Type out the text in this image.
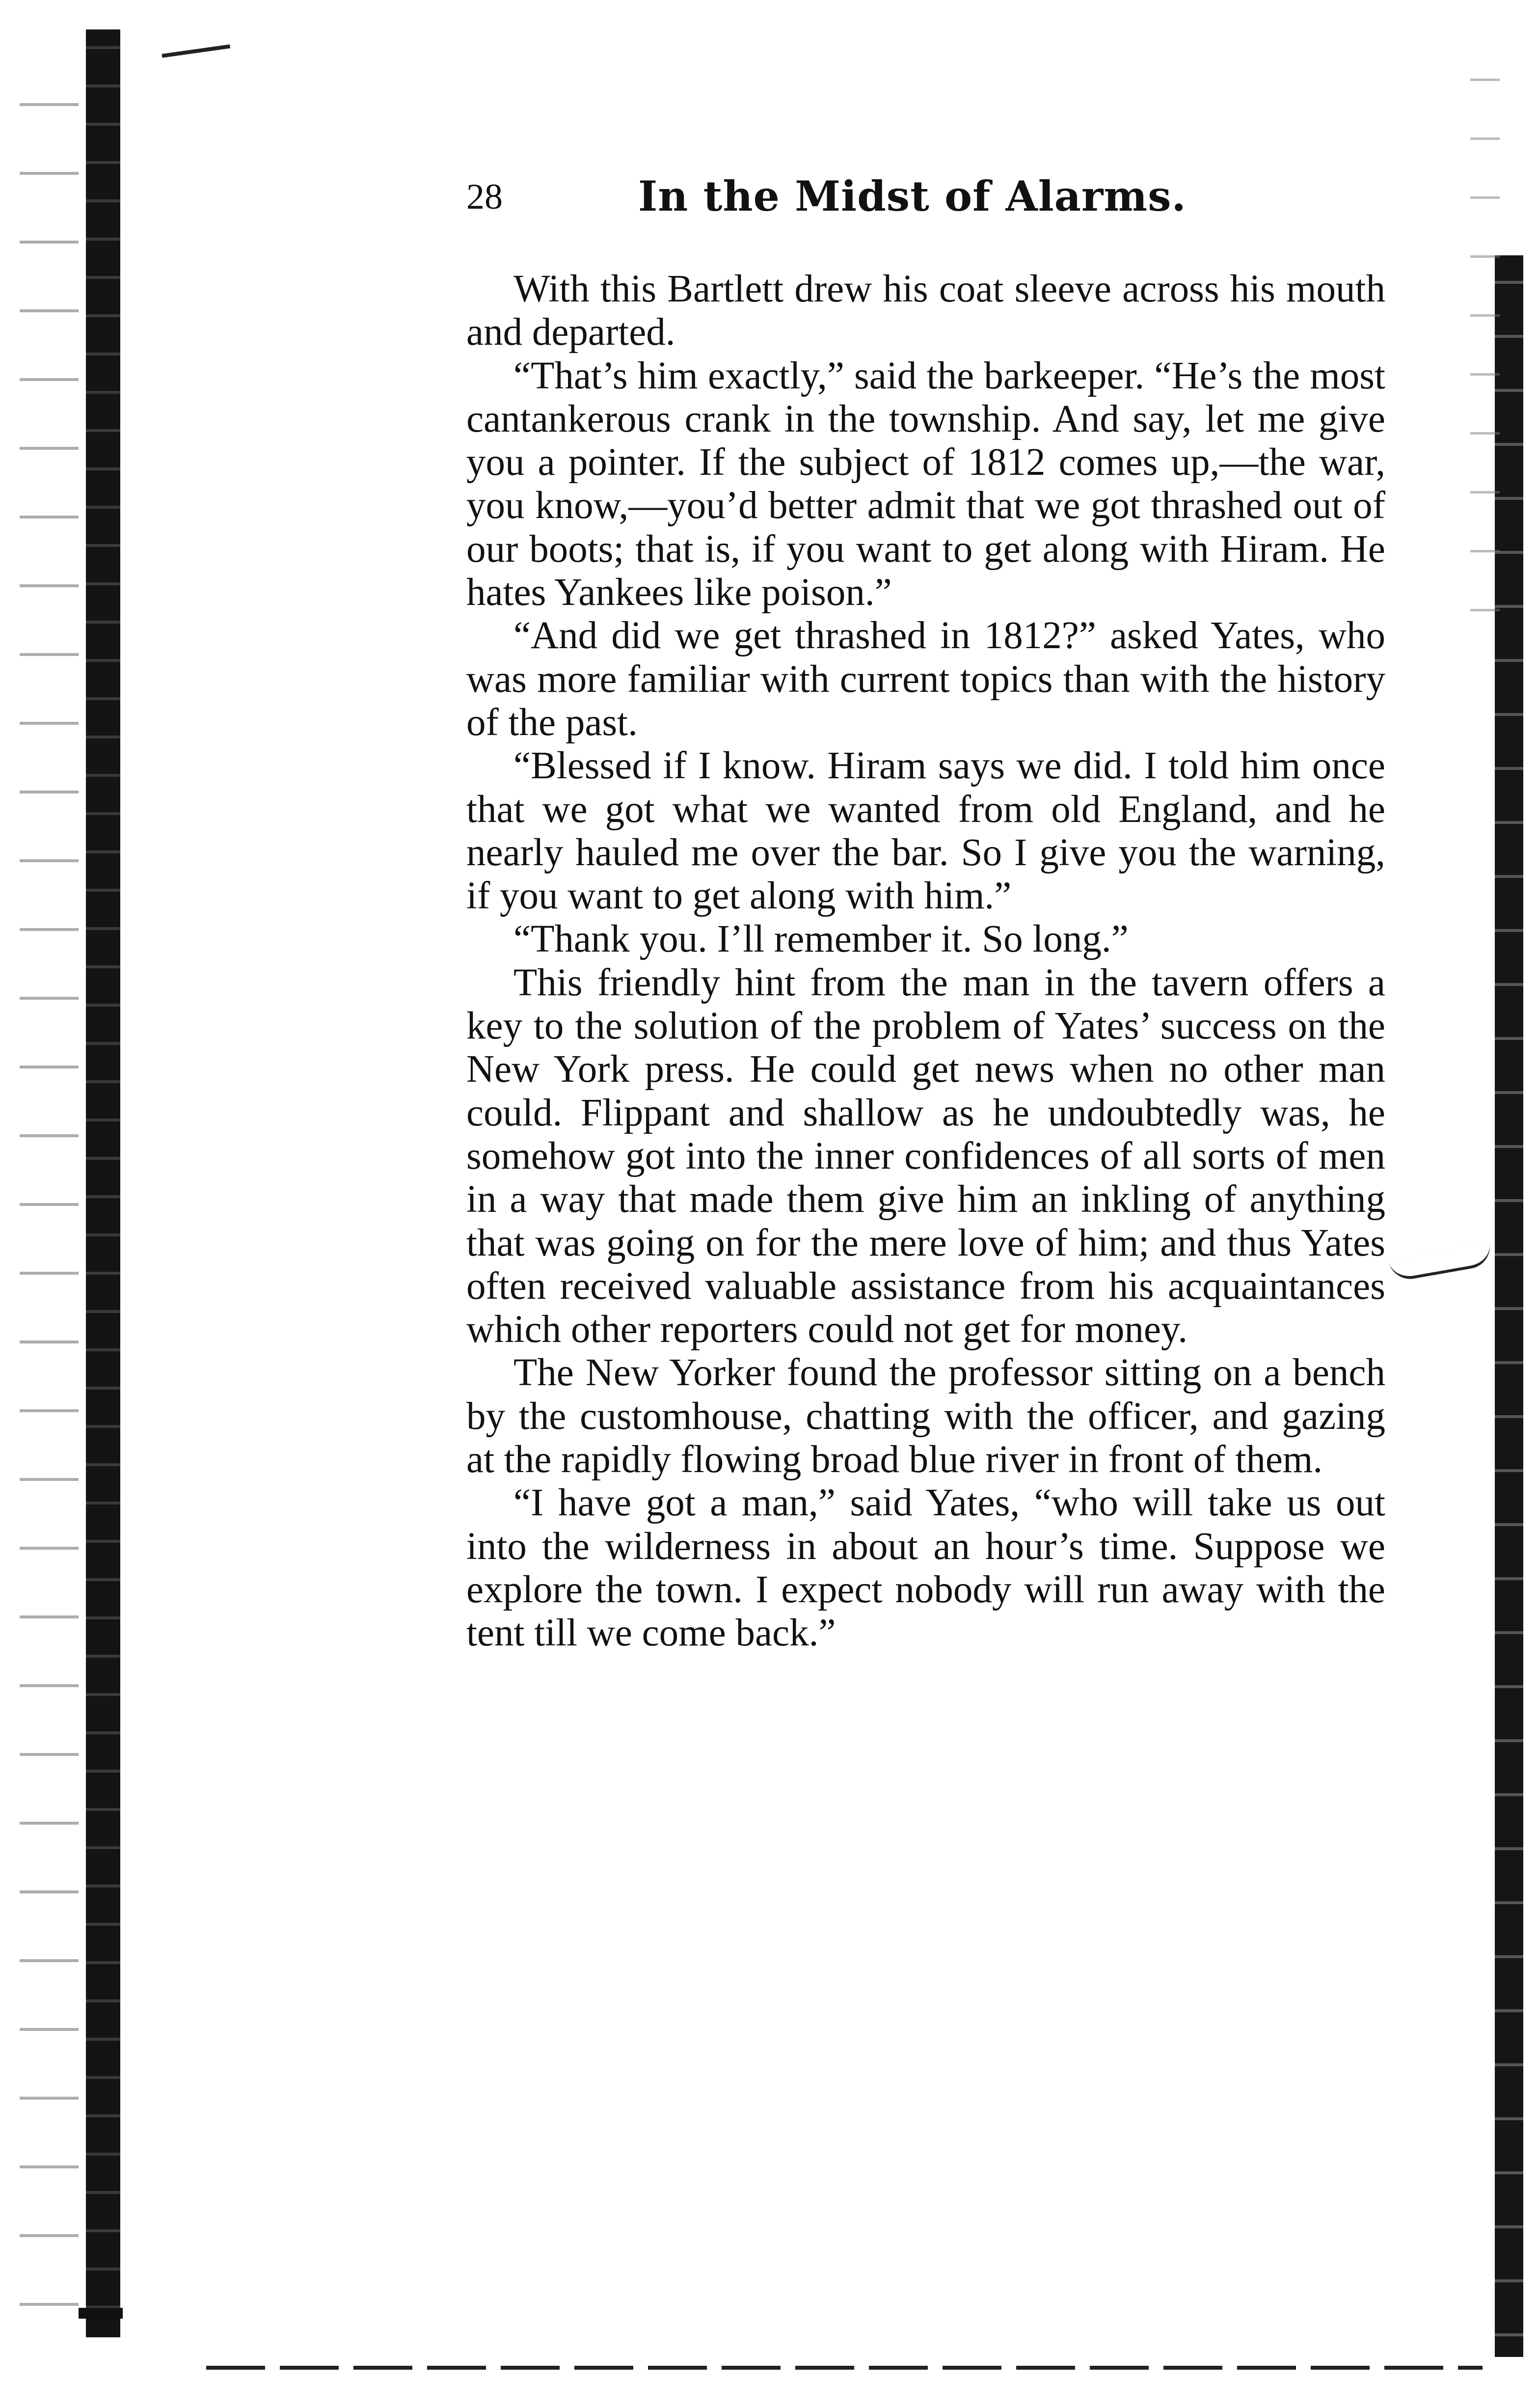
28	In the Midst of Alarms.

With this Bartlett drew his coat sleeve across his mouth and departed.

“That’s him exactly,” said the barkeeper. “He’s the most cantankerous crank in the township. And say, let me give you a pointer. If the subject of 1812 comes up,—the war, you know,—you’d better admit that we got thrashed out of our boots; that is, if you want to get along with Hiram. He hates Yankees like poison.”

“And did we get thrashed in 1812?” asked Yates, who was more familiar with current topics than with the history of the past.

“Blessed if I know. Hiram says we did. I told him once that we got what we wanted from old England, and he nearly hauled me over the bar. So I give you the warning, if you want to get along with him.”

“Thank you. I’ll remember it. So long.”

This friendly hint from the man in the tavern offers a key to the solution of the problem of Yates’ success on the New York press. He could get news when no other man could. Flippant and shallow as he undoubtedly was, he somehow got into the inner confidences of all sorts of men in a way that made them give him an inkling of anything that was going on for the mere love of him; and thus Yates often received valuable assistance from his acquaintances which other reporters could not get for money.

The New Yorker found the professor sitting on a bench by the customhouse, chatting with the officer, and gazing at the rapidly flowing broad blue river in front of them.

“I have got a man,” said Yates, “who will take us out into the wilderness in about an hour’s time. Suppose we explore the town. I expect nobody will run away with the tent till we come back.”
